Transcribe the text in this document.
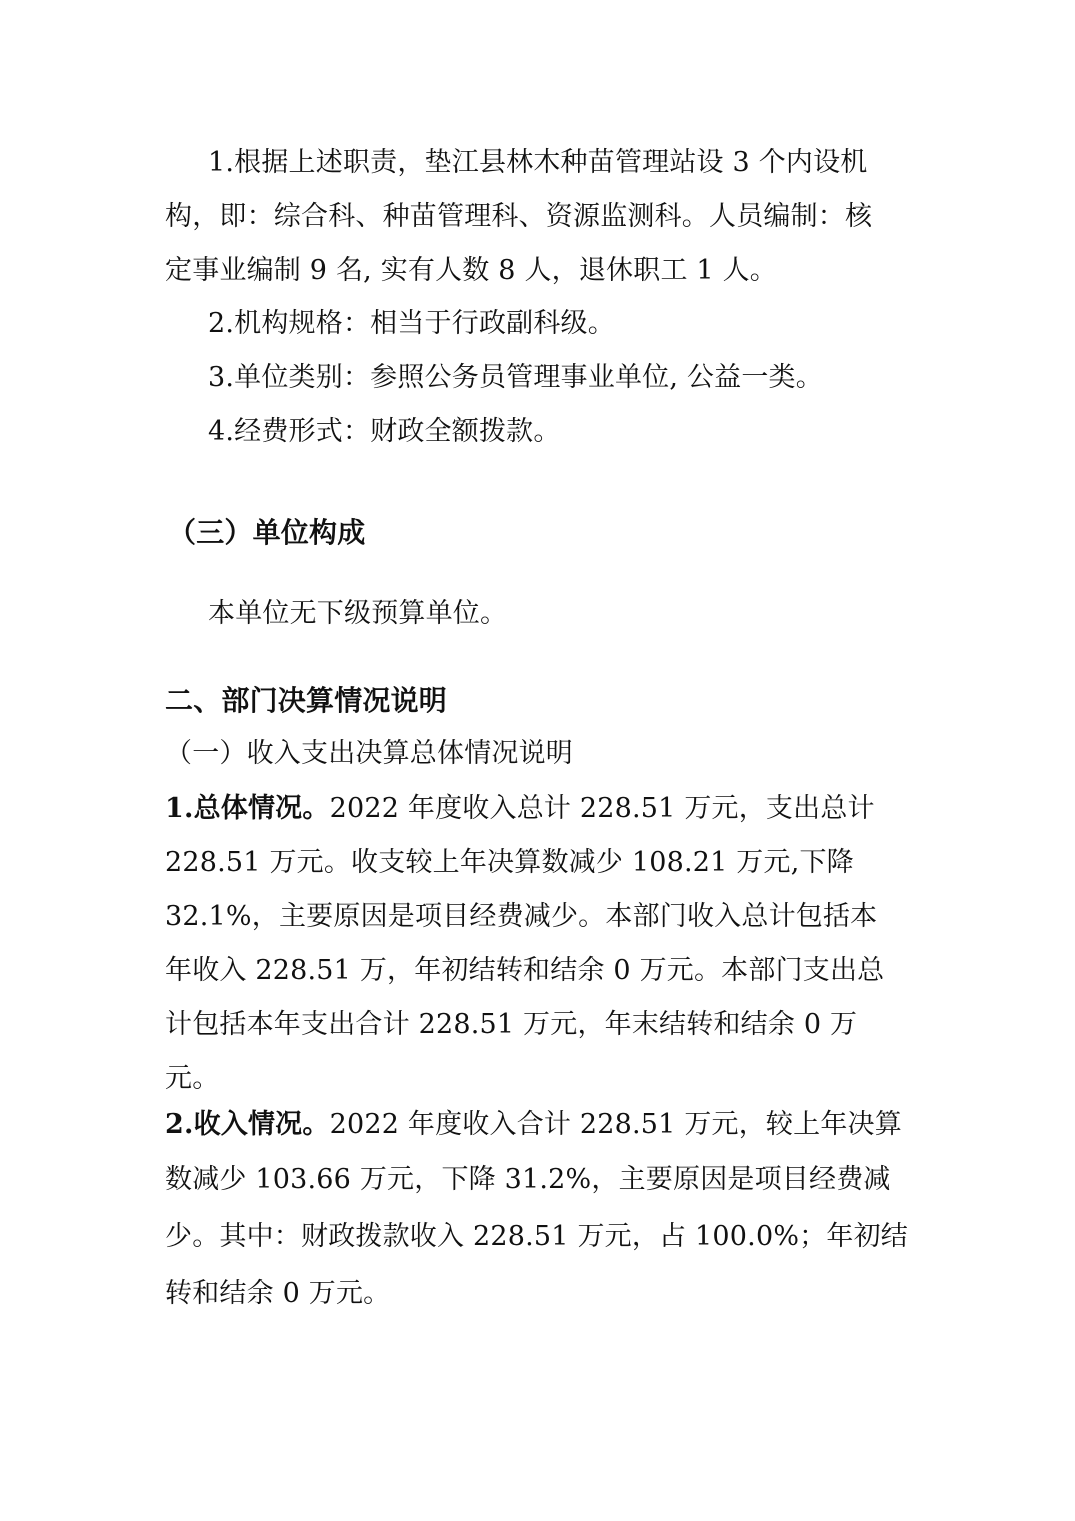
1.根据上述职责，垫江县林木种苗管理站设 3 个内设机
构，即：综合科、种苗管理科、资源监测科。人员编制：核
定事业编制 9 名, 实有人数 8 人，退休职工 1 人。
2.机构规格：相当于行政副科级。
3.单位类别：参照公务员管理事业单位, 公益一类。
4.经费形式：财政全额拨款。
（三）单位构成
本单位无下级预算单位。
二、部门决算情况说明
（一）收入支出决算总体情况说明
1.总体情况。2022 年度收入总计 228.51 万元，支出总计
228.51 万元。收支较上年决算数减少 108.21 万元,下降
32.1%，主要原因是项目经费减少。本部门收入总计包括本
年收入 228.51 万，年初结转和结余 0 万元。本部门支出总
计包括本年支出合计 228.51 万元，年末结转和结余 0 万
元。
2.收入情况。2022 年度收入合计 228.51 万元，较上年决算
数减少 103.66 万元，下降 31.2%，主要原因是项目经费减
少。其中：财政拨款收入 228.51 万元，占 100.0%；年初结
转和结余 0 万元。
